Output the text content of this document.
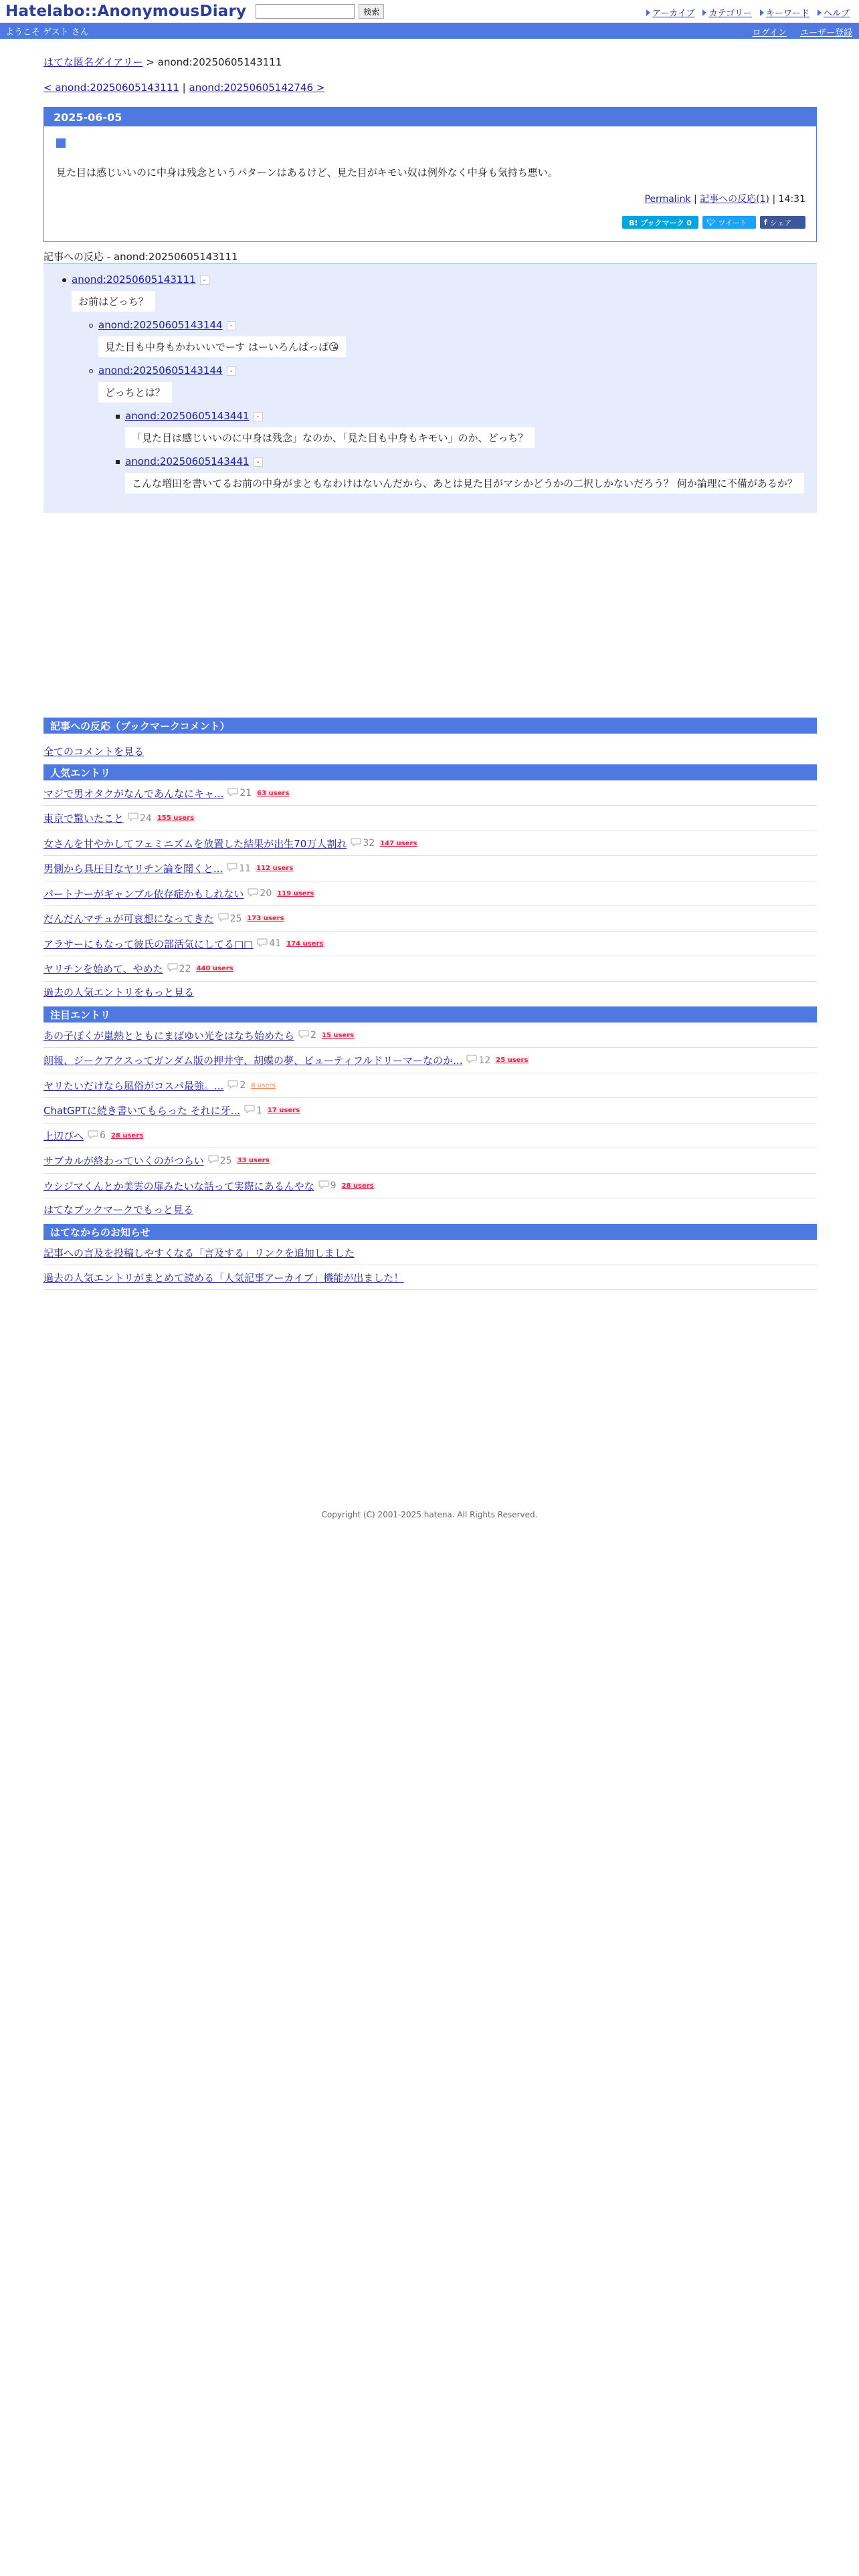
Hatelabo::AnonymousDiary	検索	アーカイブ カテゴリー キーワード ヘルプ
ようこそ ゲスト さん	ログイン ユーザー登録
はてな匿名ダイアリー > anond:20250605143111
< anond:20250605143111 | anond:20250605142746 >
2025-06-05
見た目は感じいいのに中身は残念というパターンはあるけど、見た目がキモい奴は例外なく中身も気持ち悪い。
Permalink | 記事への反応(1) | 14:31
B! ブックマーク 0	🐦︎ ツイート f シェア
記事への反応 - anond:20250605143111
anond:20250605143111 -
お前はどっち？
anond:20250605143144 -
見た目も中身もかわいいでーす はーいろんぱっぱ😘
anond:20250605143144 -
どっちとは？
anond:20250605143441 -
「見た目は感じいいのに中身は残念」なのか、「見た目も中身もキモい」のか、どっち？
anond:20250605143441 -
こんな増田を書いてるお前の中身がまともなわけはないんだから、あとは見た目がマシかどうかの二択しかないだろう？ 何か論理に不備があるか？
記事への反応（ブックマークコメント）
全てのコメントを見る
人気エントリ
マジで男オタクがなんであんなにキャ... 21 63 users
東京で驚いたこと 24 155 users
女さんを甘やかしてフェミニズムを放置した結果が出生70万人割れ 32 147 users
男側から具圧目なヤリチン論を聞くと... 11 112 users
パートナーがギャンブル依存症かもしれない 20 119 users
だんだんマチュが可哀想になってきた 25 173 users
アラサーにもなって彼氏の部活気にしてる□□ 41 174 users
ヤリチンを始めて、やめた 22 440 users
過去の人気エントリをもっと見る
注目エントリ
あの子ぼくが嵐熱とともにまばゆい光をはなち始めたら 2 15 users
朗報、ジークアクスってガンダム版の押井守、胡蝶の夢、ビューティフルドリーマーなのか... 12 25 users
ヤリたいだけなら風俗がコスパ最強。... 2 8 users
ChatGPTに続き書いてもらった それに牙... 1 17 users
上辺ぴへ 6 28 users
サブカルが終わっていくのがつらい 25 33 users
ウシジマくんとか美雲の扉みたいな話って実際にあるんやな 9 28 users
はてなブックマークでもっと見る
はてなからのお知らせ
記事への言及を投稿しやすくなる「言及する」リンクを追加しました
過去の人気エントリがまとめて読める「人気記事アーカイブ」機能が出ました！
Copyright (C) 2001-2025 hatena. All Rights Reserved.
